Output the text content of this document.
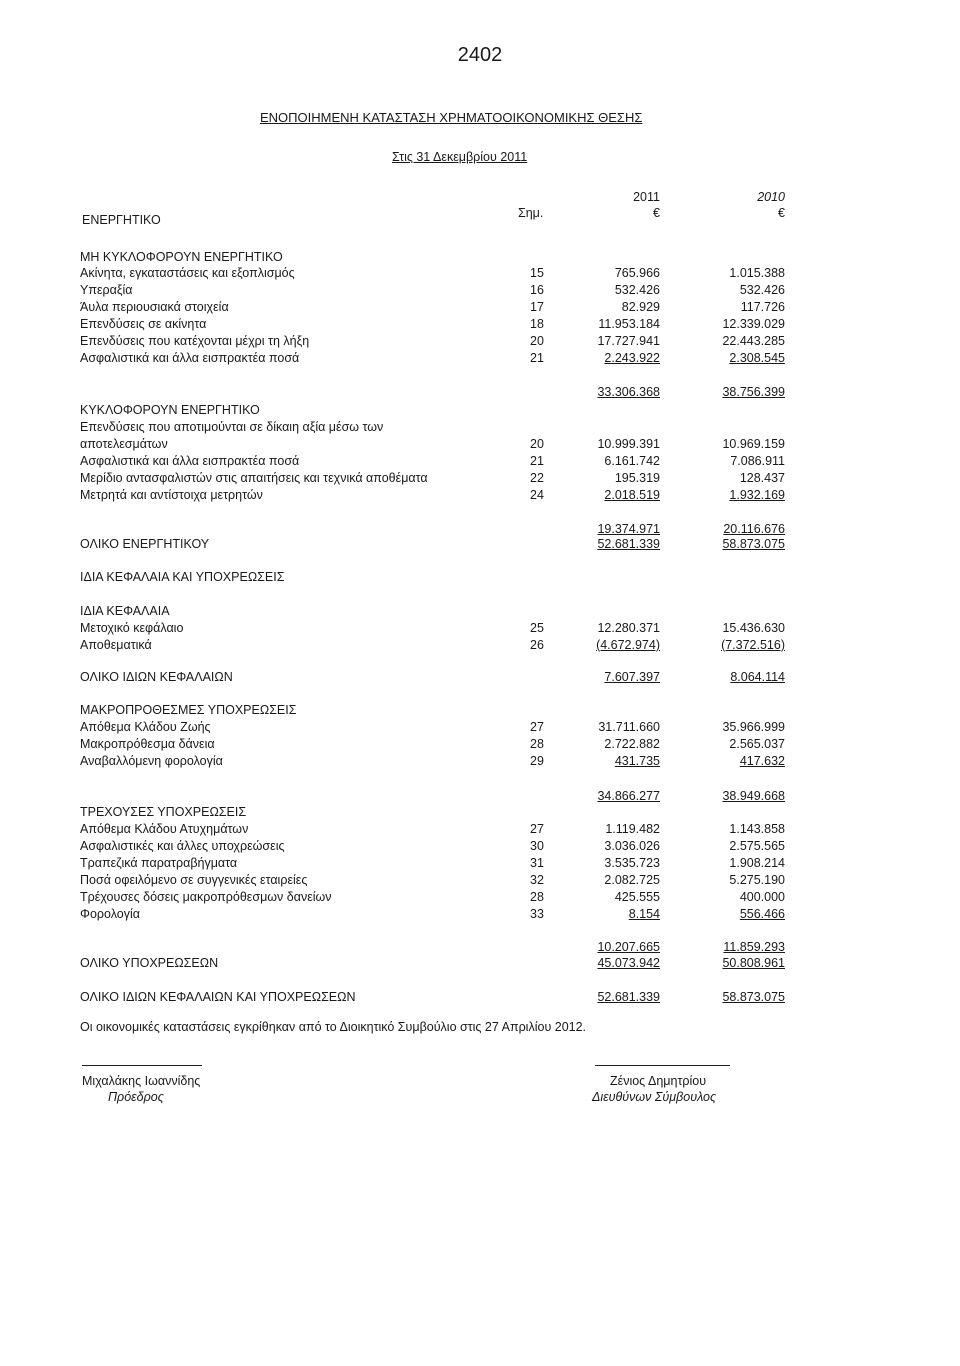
2402
ΕΝΟΠΟΙΗΜΕΝΗ ΚΑΤΑΣΤΑΣΗ ΧΡΗΜΑΤΟΟΙΚΟΝΟΜΙΚΗΣ ΘΕΣΗΣ
Στις 31 Δεκεμβρίου 2011
2011	2010
ΕΝΕΡΓΗΤΙΚΟ	Σημ.	€	€
ΜΗ ΚΥΚΛΟΦΟΡΟΥΝ ΕΝΕΡΓΗΤΙΚΟ
Ακίνητα, εγκαταστάσεις και εξοπλισμός	15	765.966	1.015.388
Υπεραξία	16	532.426	532.426
Άυλα περιουσιακά στοιχεία	17	82.929	117.726
Επενδύσεις σε ακίνητα	18	11.953.184	12.339.029
Επενδύσεις που κατέχονται μέχρι τη λήξη	20	17.727.941	22.443.285
Ασφαλιστικά και άλλα εισπρακτέα ποσά	21	2.243.922	2.308.545
33.306.368	38.756.399
ΚΥΚΛΟΦΟΡΟΥΝ ΕΝΕΡΓΗΤΙΚΟ
Επενδύσεις που αποτιμούνται σε δίκαιη αξία μέσω των
αποτελεσμάτων	20	10.999.391	10.969.159
Ασφαλιστικά και άλλα εισπρακτέα ποσά	21	6.161.742	7.086.911
Μερίδιο αντασφαλιστών στις απαιτήσεις και τεχνικά αποθέματα	22	195.319	128.437
Μετρητά και αντίστοιχα μετρητών	24	2.018.519	1.932.169
19.374.971	20.116.676
ΟΛΙΚΟ ΕΝΕΡΓΗΤΙΚΟΥ	52.681.339	58.873.075
ΙΔΙΑ ΚΕΦΑΛΑΙΑ ΚΑΙ ΥΠΟΧΡΕΩΣΕΙΣ
ΙΔΙΑ ΚΕΦΑΛΑΙΑ
Μετοχικό κεφάλαιο	25	12.280.371	15.436.630
Αποθεματικά	26	(4.672.974)	(7.372.516)
ΟΛΙΚΟ ΙΔΙΩΝ ΚΕΦΑΛΑΙΩΝ	7.607.397	8.064.114
ΜΑΚΡΟΠΡΟΘΕΣΜΕΣ ΥΠΟΧΡΕΩΣΕΙΣ
Απόθεμα Κλάδου Ζωής	27	31.711.660	35.966.999
Μακροπρόθεσμα δάνεια	28	2.722.882	2.565.037
Αναβαλλόμενη φορολογία	29	431.735	417.632
34.866.277	38.949.668
ΤΡΕΧΟΥΣΕΣ ΥΠΟΧΡΕΩΣΕΙΣ
Απόθεμα Κλάδου Ατυχημάτων	27	1.119.482	1.143.858
Ασφαλιστικές και άλλες υποχρεώσεις	30	3.036.026	2.575.565
Τραπεζικά παρατραβήγματα	31	3.535.723	1.908.214
Ποσά οφειλόμενο σε συγγενικές εταιρείες	32	2.082.725	5.275.190
Τρέχουσες δόσεις μακροπρόθεσμων δανείων	28	425.555	400.000
Φορολογία	33	8.154	556.466
10.207.665	11.859.293
ΟΛΙΚΟ ΥΠΟΧΡΕΩΣΕΩΝ	45.073.942	50.808.961
ΟΛΙΚΟ ΙΔΙΩΝ ΚΕΦΑΛΑΙΩΝ ΚΑΙ ΥΠΟΧΡΕΩΣΕΩΝ	52.681.339	58.873.075
Οι οικονομικές καταστάσεις εγκρίθηκαν από το Διοικητικό Συμβούλιο στις 27 Απριλίου 2012.
Μιχαλάκης Ιωαννίδης
Πρόεδρος
Ζένιος Δημητρίου
Διευθύνων Σύμβουλος
